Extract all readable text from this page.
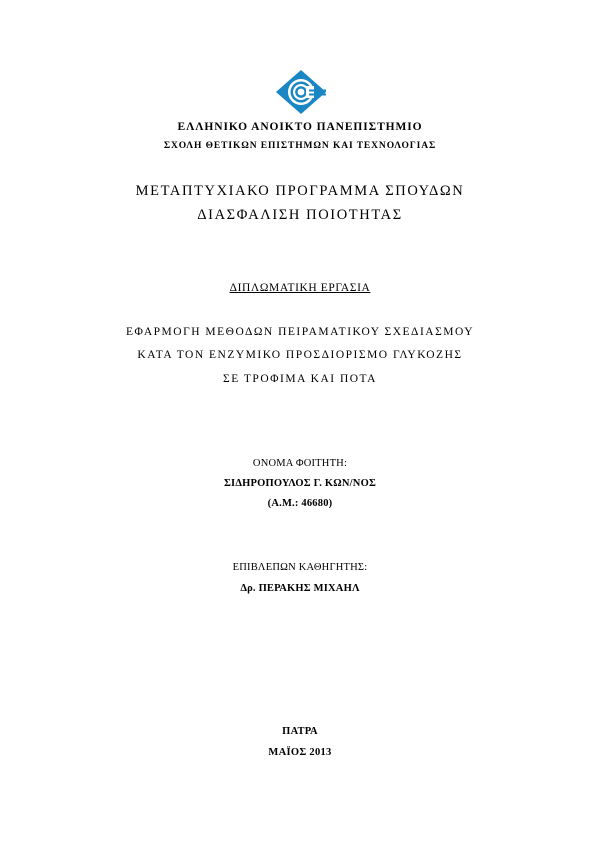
ΕΛΛΗΝΙΚΟ ΑΝΟΙΚΤΟ ΠΑΝΕΠΙΣΤΗΜΙΟ
ΣΧΟΛΗ ΘΕΤΙΚΩΝ ΕΠΙΣΤΗΜΩΝ ΚΑΙ ΤΕΧΝΟΛΟΓΙΑΣ
ΜΕΤΑΠΤΥΧΙΑΚΟ ΠΡΟΓΡΑΜΜΑ ΣΠΟΥΔΩΝ
ΔΙΑΣΦΑΛΙΣΗ ΠΟΙΟΤΗΤΑΣ
ΔΙΠΛΩΜΑΤΙΚΗ ΕΡΓΑΣΙΑ
ΕΦΑΡΜΟΓΗ ΜΕΘΟΔΩΝ ΠΕΙΡΑΜΑΤΙΚΟΥ ΣΧΕΔΙΑΣΜΟΥ
ΚΑΤΑ ΤΟΝ ΕΝΖΥΜΙΚΟ ΠΡΟΣΔΙΟΡΙΣΜΟ ΓΛΥΚΟΖΗΣ
ΣΕ ΤΡΟΦΙΜΑ ΚΑΙ ΠΟΤΑ
ΟΝΟΜΑ ΦΟΙΤΗΤΗ:
ΣΙΔΗΡΟΠΟΥΛΟΣ Γ. ΚΩΝ/ΝΟΣ
(Α.Μ.: 46680)
ΕΠΙΒΛΕΠΩΝ ΚΑΘΗΓΗΤΗΣ:
Δρ. ΠΕΡΑΚΗΣ ΜΙΧΑΗΛ
ΠΑΤΡΑ
ΜΑΪΟΣ 2013
